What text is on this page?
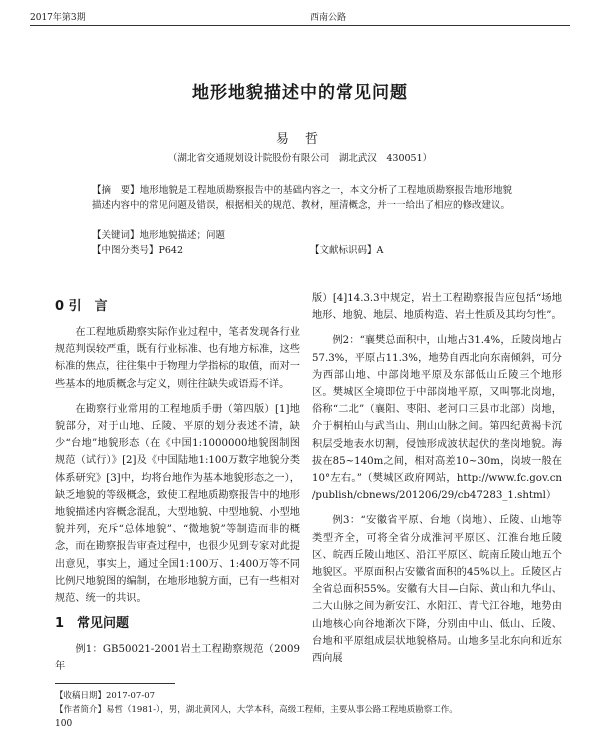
2017年第3期	西南公路
地形地貌描述中的常见问题
易 哲
（湖北省交通规划设计院股份有限公司　湖北武汉　430051）
【摘　要】地形地貌是工程地质勘察报告中的基础内容之一，本文分析了工程地质勘察报告地形地貌描述内容中的常见问题及错误，根据相关的规范、教材，厘清概念，并一一给出了相应的修改建议。
【关键词】地形地貌描述；问题
【中图分类号】P642	【文献标识码】A
0 引　言

在工程地质勘察实际作业过程中，笔者发现各行业规范判误较严重，既有行业标准、也有地方标准，这些标准的焦点，往往集中于物理力学指标的取值，而对一些基本的地质概念与定义，则往往缺失或语焉不详。

在勘察行业常用的工程地质手册（第四版）[1]地貌部分，对于山地、丘陵、平原的划分表述不清，缺少“台地”地貌形态（在《中国1:1000000地貌图制图规范（试行）》[2]及《中国陆地1:100万数字地貌分类体系研究》[3]中，均将台地作为基本地貌形态之一），缺乏地貌的等级概念，致使工程地质勘察报告中的地形地貌描述内容概念混乱，大型地貌、中型地貌、小型地貌并列，充斥“总体地貌”、“微地貌”等制造而非的概念，而在勘察报告审查过程中，也很少见到专家对此提出意见，事实上，通过全国1:100万、1:400万等不同比例尺地貌图的编制，在地形地貌方面，已有一些相对规范、统一的共识。

1　常见问题

例1：GB50021-2001岩土工程勘察规范（2009年

版）[4]14.3.3中规定，岩土工程勘察报告应包括“场地地形、地貌、地层、地质构造、岩土性质及其均匀性”。

例2：“襄樊总面积中，山地占31.4%，丘陵岗地占57.3%，平原占11.3%，地势自西北向东南倾斜，可分为西部山地、中部岗地平原及东部低山丘陵三个地形区。樊城区全境即位于中部岗地平原，又叫鄂北岗地，俗称“二北”（襄阳、枣阳、老河口三县市北部）岗地，介于桐柏山与武当山、荆山山脉之间。第四纪黄褐卡沉积层受地表水切割，侵蚀形成波状起伏的垄岗地貌。海拔在85~140m之间，相对高差10~30m，岗坡一般在10°左右。”（樊城区政府网站，http://www.fc.gov.cn /publish/cbnews/201206/29/cb47283_1.shtml）

例3：“安徽省平原、台地（岗地）、丘陵、山地等类型齐全，可将全省分成淮河平原区、江淮台地丘陵区、皖西丘陵山地区、沿江平原区、皖南丘陵山地五个地貌区。平原面积占安徽省面积的45%以上。丘陵区占全省总面积55%。安徽有大目—白际、黄山和九华山、二大山脉之间为新安江、水阳江、青弋江谷地，地势由山地核心向谷地渐次下降，分别由中山、低山、丘陵、台地和平原组成层状地貌格局。山地多呈北东向和近东西向展

【收稿日期】2017-07-07
【作者简介】易哲（1981-），男，湖北黄冈人，大学本科，高级工程师，主要从事公路工程地质勘察工作。
100
